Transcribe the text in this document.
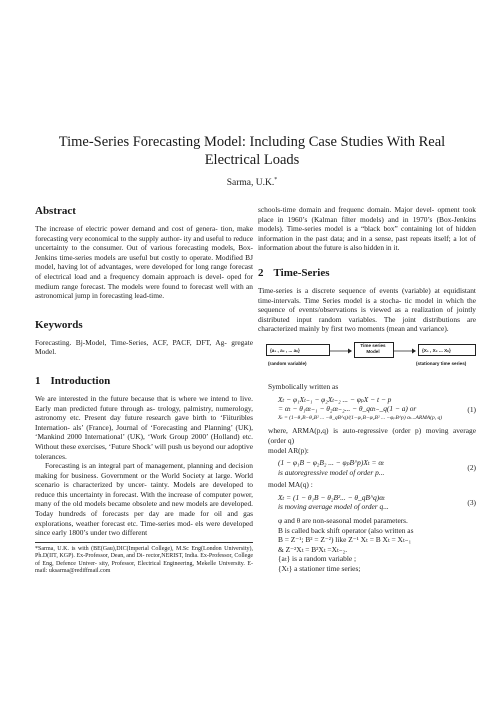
Time-Series Forecasting Model: Including Case Studies With Real Electrical Loads
Sarma, U.K.*
Abstract

The increase of electric power demand and cost of genera- tion, make forecasting very economical to the supply author- ity and useful to reduce uncertainty to the consumer. Out of various forecasting models, Box-Jenkins time-series models are useful but costly to operate. Modified BJ model, having lot of advantages, were developed for long range forecast of electrical load and a frequency domain approach is devel- oped for medium range forecast. The models were found to forecast well with an astronomical jump in forecasting lead-time.

Keywords

Forecasting. Bj-Model, Time-Series, ACF, PACF, DFT, Ag- gregate Model.

1 Introduction

We are interested in the future because that is where we intend to live. Early man predicted future through as- trology, palmistry, numerology, astronomy etc. Present day future research gave birth to ‘Fiituribles Internation- als’ (France), Journal of ‘Forecasting and Planning’ (UK), ‘Mankind 2000 International’ (UK), ‘Work Group 2000’ (Holland) etc. Without these exercises, ‘Future Shock’ will push us beyond our adoptive tolerances.

Forecasting is an integral part of management, planning and decision making for business. Government or the World Society at large. World scenario is characterized by uncer- tainty. Models are developed to reduce this uncertainty in forecast. With the increase of computer power, many of the old models became obsolete and new models are developed. Today hundreds of forecasts per day are made for oil and gas explorations, weather forecast etc. Time-series mod- els were developed since early 1800’s under two different

*Sarma, U.K. is with (BE(Gau),DIC(Imperial College), M.Sc Eng(London University), Ph.D(IIT, KGP). Ex-Professor, Dean, and Di- rector,NERIST, India. Ex-Professor, College of Eng, Defence Univer- sity, Professor, Electrical Engineering, Mekelle University. E-mail: uksarma@rediffmail.com

schools-time domain and frequenc domain. Major devel- opment took place in 1960’s (Kalman filter models) and in 1970’s (Box-Jenkins models). Time-series model is a “black box” containing lot of hidden information in the past data; and in a sense, past repeats itself; a lot of information about the future is also hidden in it.

2 Time-Series

Time-series is a discrete sequence of events (variable) at equidistant time-intervals. Time Series model is a stocha- tic model in which the sequence of events/observations is viewed as a realization of jointly distributed input random variables. The joint distributions are characterized mainly by first two moments (mean and variance).

{a₁ , a₂ , ... aₙ}
Time series Model	{X₁ , X₂ ... Xₙ}
(random variable)	(stationary time series)
Symbolically written as
Xₜ − φ₁Xₜ₋₁ − φ₂Xₜ₋₂ ... − φₚX − t − p
= αₜ − θ₁αₜ₋₁ − θ₂αₜ₋₂... − θ_qαₜ₋_q(1 − a) or
Xₜ = (1−θ₁B−θ₂B² ... −θ_qB^q)/(1−φ₁B−φ₂B² ... −φₚB^p) αₜ...ARMA(p, q)
(1)
where, ARMA(p,q) is auto-regressive (order p) moving average (order q)
model AR(p):
(1 − φ₁B − φ₂B₂ ... − φₚB^p)Xₜ = αₜ
is autoregressive model of order p...
(2)
model MA(q) :
Xₜ = (1 − θ₁B − θ₂B²... − θ_qB^q)αₜ
is moving average model of order q...
(3)
φ and θ are non-seasonal model parameters.
B is called back shift operator (also written as
B = Z⁻¹; B² = Z⁻²) like Z⁻¹ Xₜ = B Xₜ = Xₜ₋₁
& Z⁻²Xₜ = B²Xₜ =Xₜ₋₂.
{aₜ} is a random variable ;
{Xₜ} a stationer time series;
